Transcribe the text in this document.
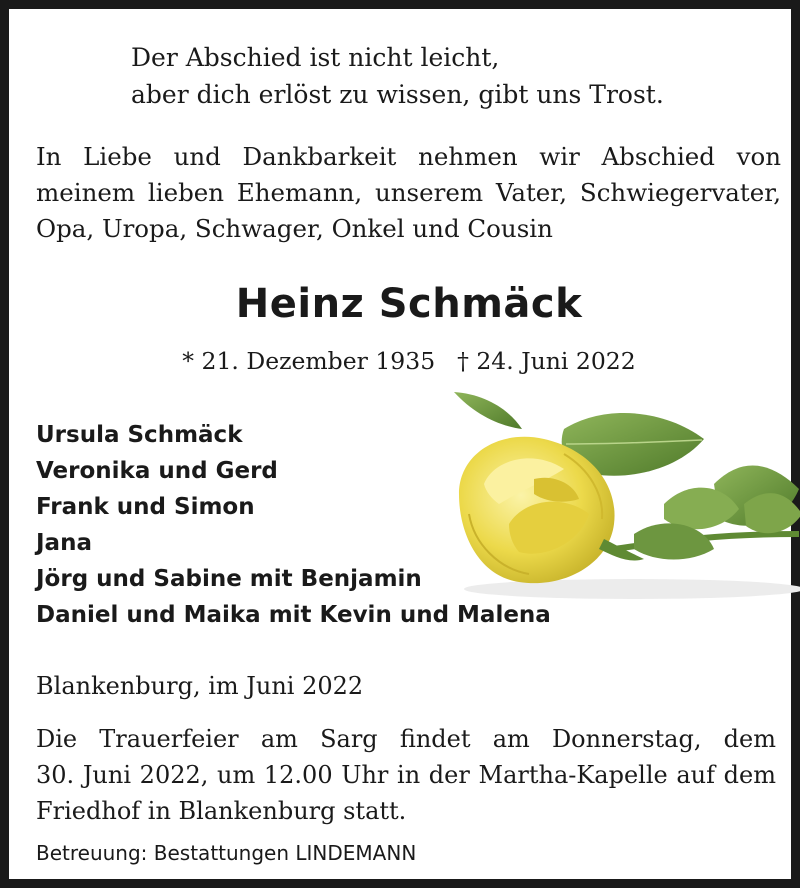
Der Abschied ist nicht leicht,
aber dich erlöst zu wissen, gibt uns Trost.
In Liebe und Dankbarkeit nehmen wir Abschied von
meinem lieben Ehemann, unserem Vater, Schwiegervater,
Opa, Uropa, Schwager, Onkel und Cousin
Heinz Schmäck
* 21. Dezember 1935 † 24. Juni 2022
Ursula Schmäck
Veronika und Gerd
Frank und Simon
Jana
Jörg und Sabine mit Benjamin
Daniel und Maika mit Kevin und Malena
Blankenburg, im Juni 2022
Die Trauerfeier am Sarg findet am Donnerstag, dem
30. Juni 2022, um 12.00 Uhr in der Martha-Kapelle auf dem
Friedhof in Blankenburg statt.
Betreuung: Bestattungen LINDEMANN
